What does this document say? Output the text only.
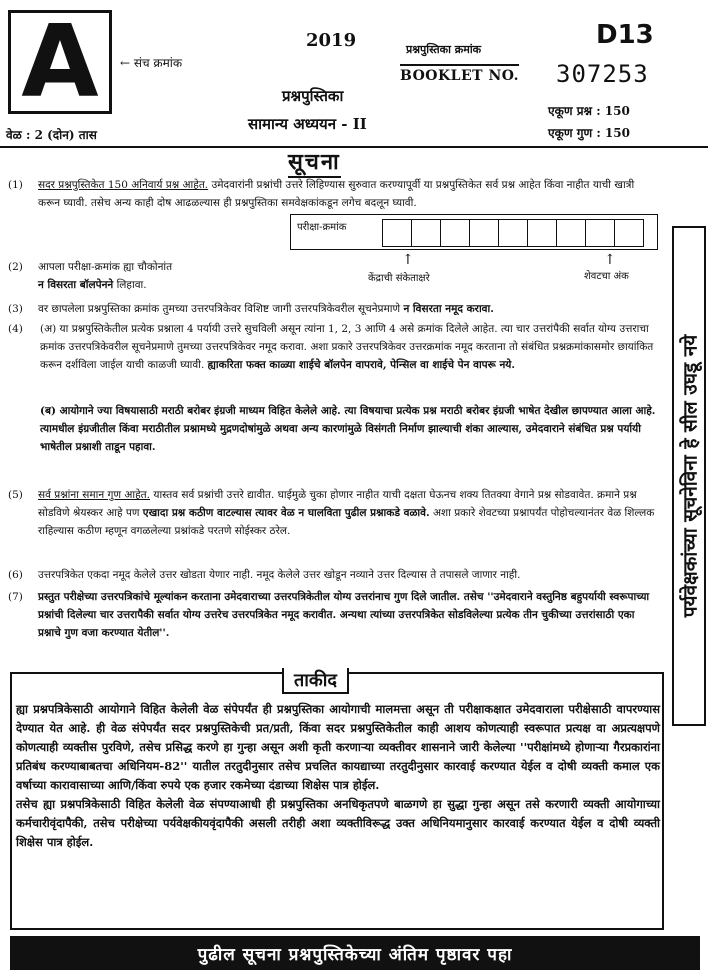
A ← संच क्रमांक
2019
प्रश्नपुस्तिका
सामान्य अध्ययन - II
वेळ : 2 (दोन) तास
प्रश्नपुस्तिका क्रमांक
BOOKLET NO.
D13
307253
एकूण प्रश्न : 150
एकूण गुण : 150
सूचना
(1) सदर प्रश्नपुस्तिकेत 150 अनिवार्य प्रश्न आहेत. उमेदवारांनी प्रश्नांची उत्तरे लिहिण्यास सुरुवात करण्यापूर्वी या प्रश्नपुस्तिकेत सर्व प्रश्न आहेत किंवा नाहीत याची खात्री करून घ्यावी. तसेच अन्य काही दोष आढळल्यास ही प्रश्नपुस्तिका समवेक्षकांकडून लगेच बदलून घ्यावी.
परीक्षा-क्रमांक
↑	↑
केंद्राची संकेताक्षरे	शेवटचा अंक
(2) आपला परीक्षा-क्रमांक ह्या चौकोनांत
न विसरता बॉलपेनने लिहावा.
(3) वर छापलेला प्रश्नपुस्तिका क्रमांक तुमच्या उत्तरपत्रिकेवर विशिष्ट जागी उत्तरपत्रिकेवरील सूचनेप्रमाणे न विसरता नमूद करावा.
(4) (अ) या प्रश्नपुस्तिकेतील प्रत्येक प्रश्नाला 4 पर्यायी उत्तरे सुचविली असून त्यांना 1, 2, 3 आणि 4 असे क्रमांक दिलेले आहेत. त्या चार उत्तरांपैकी सर्वात योग्य उत्तराचा क्रमांक उत्तरपत्रिकेवरील सूचनेप्रमाणे तुमच्या उत्तरपत्रिकेवर नमूद करावा. अशा प्रकारे उत्तरपत्रिकेवर उत्तरक्रमांक नमूद करताना तो संबंधित प्रश्नक्रमांकासमोर छायांकित करून दर्शविला जाईल याची काळजी घ्यावी. ह्याकरिता फक्त काळ्या शाईचे बॉलपेन वापरावे, पेन्सिल वा शाईचे पेन वापरू नये.
(ब) आयोगाने ज्या विषयासाठी मराठी बरोबर इंग्रजी माध्यम विहित केलेले आहे. त्या विषयाचा प्रत्येक प्रश्न मराठी बरोबर इंग्रजी भाषेत देखील छापण्यात आला आहे. त्यामधील इंग्रजीतील किंवा मराठीतील प्रश्नामध्ये मुद्रणदोषांमुळे अथवा अन्य कारणांमुळे विसंगती निर्माण झाल्याची शंका आल्यास, उमेदवाराने संबंधित प्रश्न पर्यायी भाषेतील प्रश्नाशी ताडून पहावा.
(5) सर्व प्रश्नांना समान गुण आहेत. यास्तव सर्व प्रश्नांची उत्तरे द्यावीत. घाईमुळे चुका होणार नाहीत याची दक्षता घेऊनच शक्य तितक्या वेगाने प्रश्न सोडवावेत. क्रमाने प्रश्न सोडविणे श्रेयस्कर आहे पण एखादा प्रश्न कठीण वाटल्यास त्यावर वेळ न घालविता पुढील प्रश्नाकडे वळावे. अशा प्रकारे शेवटच्या प्रश्नापर्यंत पोहोचल्यानंतर वेळ शिल्लक राहिल्यास कठीण म्हणून वगळलेल्या प्रश्नांकडे परतणे सोईस्कर ठरेल.
(6) उत्तरपत्रिकेत एकदा नमूद केलेले उत्तर खोडता येणार नाही. नमूद केलेले उत्तर खोडून नव्याने उत्तर दिल्यास ते तपासले जाणार नाही.
(7) प्रस्तुत परीक्षेच्या उत्तरपत्रिकांचे मूल्यांकन करताना उमेदवाराच्या उत्तरपत्रिकेतील योग्य उत्तरांनाच गुण दिले जातील. तसेच ''उमेदवाराने वस्तुनिष्ठ बहुपर्यायी स्वरूपाच्या प्रश्नांची दिलेल्या चार उत्तरापैकी सर्वात योग्य उत्तरेच उत्तरपत्रिकेत नमूद करावीत. अन्यथा त्यांच्या उत्तरपत्रिकेत सोडविलेल्या प्रत्येक तीन चुकीच्या उत्तरांसाठी एका प्रश्नाचे गुण वजा करण्यात येतील''.
पर्यवेक्षकांच्या सूचनेविना हे सील उघडू नये
ताकीद
ह्या प्रश्नपत्रिकेसाठी आयोगाने विहित केलेली वेळ संपेपर्यंत ही प्रश्नपुस्तिका आयोगाची मालमत्ता असून ती परीक्षाकक्षात उमेदवाराला परीक्षेसाठी वापरण्यास देण्यात येत आहे. ही वेळ संपेपर्यंत सदर प्रश्नपुस्तिकेची प्रत/प्रती, किंवा सदर प्रश्नपुस्तिकेतील काही आशय कोणत्याही स्वरूपात प्रत्यक्ष वा अप्रत्यक्षपणे कोणत्याही व्यक्तीस पुरविणे, तसेच प्रसिद्ध करणे हा गुन्हा असून अशी कृती करणाऱ्या व्यक्तीवर शासनाने जारी केलेल्या ''परीक्षांमध्ये होणाऱ्या गैरप्रकारांना प्रतिबंध करण्याबाबतचा अधिनियम-82'' यातील तरतुदीनुसार तसेच प्रचलित कायद्याच्या तरतुदीनुसार कारवाई करण्यात येईल व दोषी व्यक्ती कमाल एक वर्षाच्या कारावासाच्या आणि/किंवा रुपये एक हजार रकमेच्या दंडाच्या शिक्षेस पात्र होईल.
तसेच ह्या प्रश्नपत्रिकेसाठी विहित केलेली वेळ संपण्याआधी ही प्रश्नपुस्तिका अनधिकृतपणे बाळगणे हा सुद्धा गुन्हा असून तसे करणारी व्यक्ती आयोगाच्या कर्मचारीवृंदापैकी, तसेच परीक्षेच्या पर्यवेक्षकीयवृंदापैकी असली तरीही अशा व्यक्तीविरूद्ध उक्त अधिनियमानुसार कारवाई करण्यात येईल व दोषी व्यक्ती शिक्षेस पात्र होईल.
पुढील सूचना प्रश्नपुस्तिकेच्या अंतिम पृष्ठावर पहा
